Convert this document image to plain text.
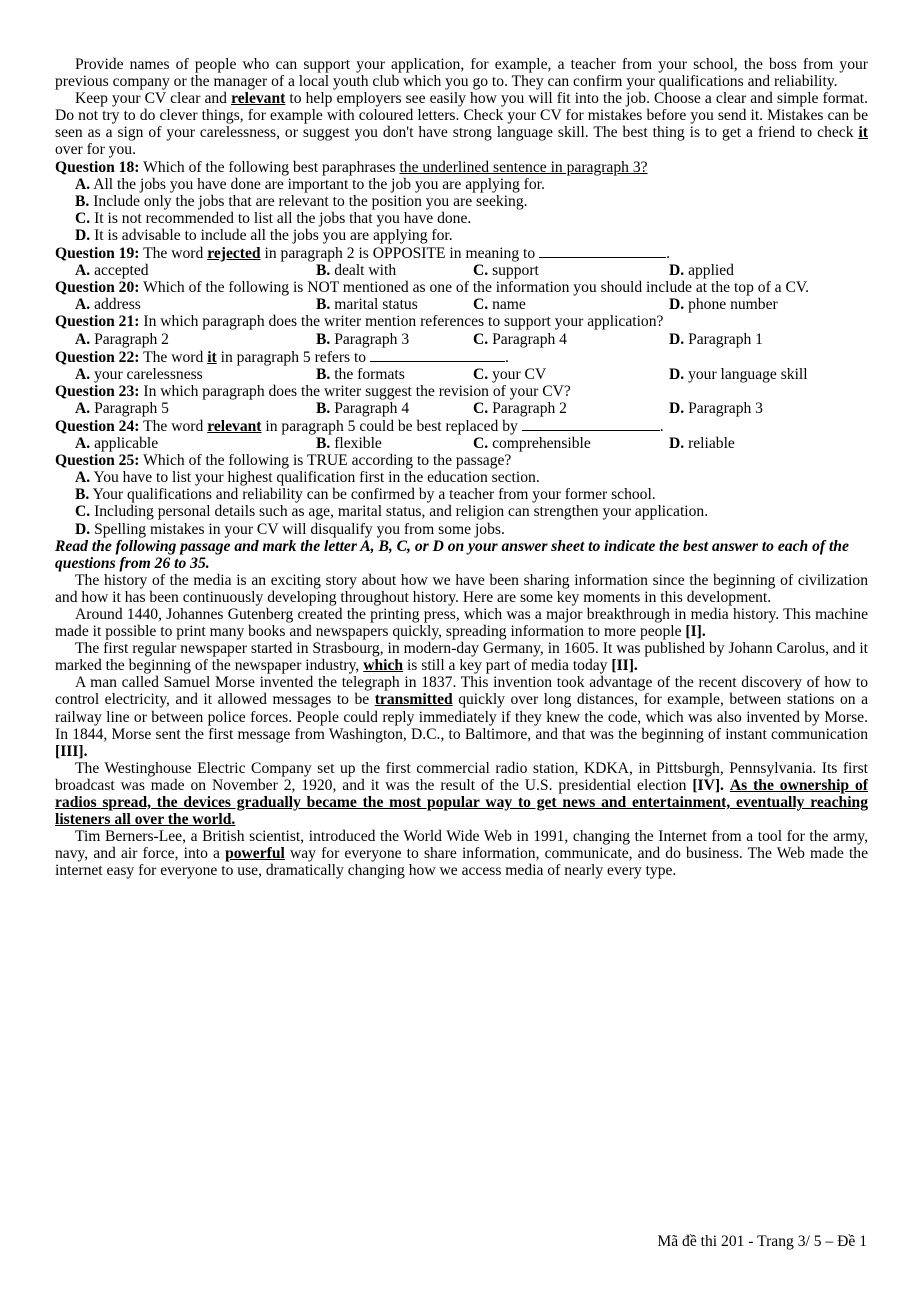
Provide names of people who can support your application, for example, a teacher from your school, the boss from your previous company or the manager of a local youth club which you go to. They can confirm your qualifications and reliability.

Keep your CV clear and relevant to help employers see easily how you will fit into the job. Choose a clear and simple format. Do not try to do clever things, for example with coloured letters. Check your CV for mistakes before you send it. Mistakes can be seen as a sign of your carelessness, or suggest you don't have strong language skill. The best thing is to get a friend to check it over for you.

Question 18: Which of the following best paraphrases the underlined sentence in paragraph 3?

A. All the jobs you have done are important to the job you are applying for.

B. Include only the jobs that are relevant to the position you are seeking.

C. It is not recommended to list all the jobs that you have done.

D. It is advisable to include all the jobs you are applying for.

Question 19: The word rejected in paragraph 2 is OPPOSITE in meaning to	.

A. accepted	B. dealt with	C. support	D. applied

Question 20: Which of the following is NOT mentioned as one of the information you should include at the top of a CV.

A. address	B. marital status	C. name	D. phone number

Question 21: In which paragraph does the writer mention references to support your application?

A. Paragraph 2	B. Paragraph 3	C. Paragraph 4	D. Paragraph 1

Question 22: The word it in paragraph 5 refers to	.

A. your carelessness	B. the formats	C. your CV	D. your language skill

Question 23: In which paragraph does the writer suggest the revision of your CV?

A. Paragraph 5	B. Paragraph 4	C. Paragraph 2	D. Paragraph 3

Question 24: The word relevant in paragraph 5 could be best replaced by	.

A. applicable	B. flexible	C. comprehensible	D. reliable

Question 25: Which of the following is TRUE according to the passage?

A. You have to list your highest qualification first in the education section.

B. Your qualifications and reliability can be confirmed by a teacher from your former school.

C. Including personal details such as age, marital status, and religion can strengthen your application.

D. Spelling mistakes in your CV will disqualify you from some jobs.

Read the following passage and mark the letter A, B, C, or D on your answer sheet to indicate the best answer to each of the questions from 26 to 35.

The history of the media is an exciting story about how we have been sharing information since the beginning of civilization and how it has been continuously developing throughout history. Here are some key moments in this development.

Around 1440, Johannes Gutenberg created the printing press, which was a major breakthrough in media history. This machine made it possible to print many books and newspapers quickly, spreading information to more people [I].

The first regular newspaper started in Strasbourg, in modern-day Germany, in 1605. It was published by Johann Carolus, and it marked the beginning of the newspaper industry, which is still a key part of media today [II].

A man called Samuel Morse invented the telegraph in 1837. This invention took advantage of the recent discovery of how to control electricity, and it allowed messages to be transmitted quickly over long distances, for example, between stations on a railway line or between police forces. People could reply immediately if they knew the code, which was also invented by Morse. In 1844, Morse sent the first message from Washington, D.C., to Baltimore, and that was the beginning of instant communication [III].

The Westinghouse Electric Company set up the first commercial radio station, KDKA, in Pittsburgh, Pennsylvania. Its first broadcast was made on November 2, 1920, and it was the result of the U.S. presidential election [IV]. As the ownership of radios spread, the devices gradually became the most popular way to get news and entertainment, eventually reaching listeners all over the world.

Tim Berners-Lee, a British scientist, introduced the World Wide Web in 1991, changing the Internet from a tool for the army, navy, and air force, into a powerful way for everyone to share information, communicate, and do business. The Web made the internet easy for everyone to use, dramatically changing how we access media of nearly every type.

Mã đề thi 201 - Trang 3/ 5 – Đề 1
